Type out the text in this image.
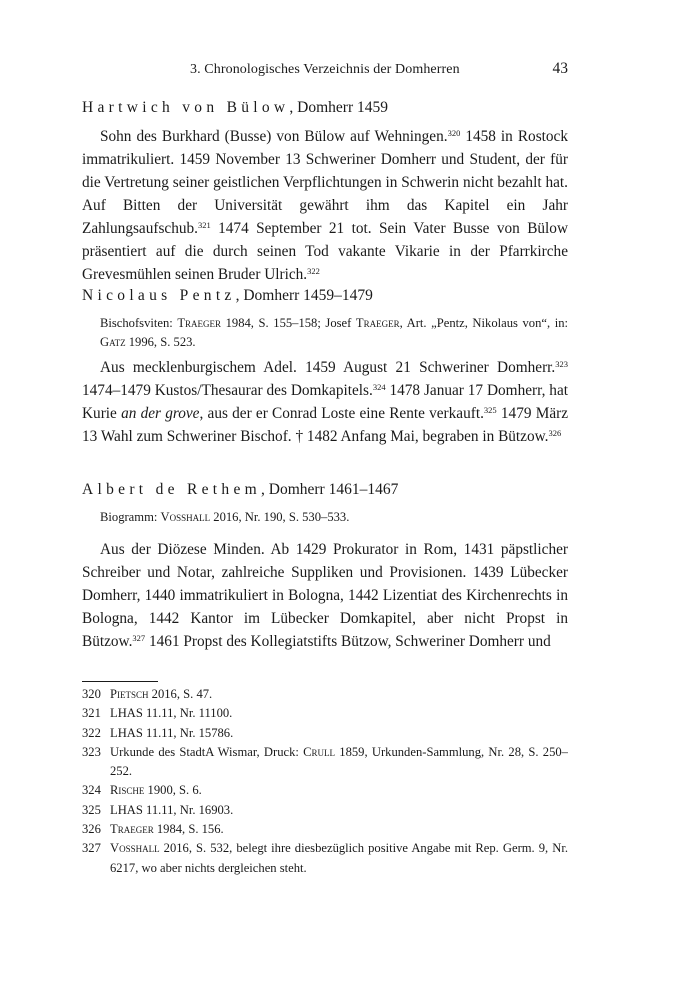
3. Chronologisches Verzeichnis der Domherren	43
Hartwich von Bülow, Domherr 1459

Sohn des Burkhard (Busse) von Bülow auf Wehningen.$^{320}$ 1458 in Rostock immatrikuliert. 1459 November 13 Schweriner Domherr und Student, der für die Vertretung seiner geistlichen Verpflichtungen in Schwerin nicht bezahlt hat. Auf Bitten der Universität gewährt ihm das Kapitel ein Jahr Zahlungsaufschub.$^{321}$ 1474 September 21 tot. Sein Vater Busse von Bülow präsentiert auf die durch seinen Tod vakante Vikarie in der Pfarrkirche Grevesmühlen seinen Bruder Ulrich.$^{322}$

Nicolaus Pentz, Domherr 1459–1479
Bischofsviten: Traeger 1984, S. 155–158; Josef Traeger, Art. „Pentz, Nikolaus von“, in: Gatz 1996, S. 523.

Aus mecklenburgischem Adel. 1459 August 21 Schweriner Domherr.$^{323}$ 1474–1479 Kustos/Thesaurar des Domkapitels.$^{324}$ 1478 Januar 17 Domherr, hat Kurie an der grove, aus der er Conrad Loste eine Rente verkauft.$^{325}$ 1479 März 13 Wahl zum Schweriner Bischof. † 1482 Anfang Mai, begraben in Bützow.$^{326}$

Albert de Rethem, Domherr 1461–1467
Biogramm: Vosshall 2016, Nr. 190, S. 530–533.

Aus der Diözese Minden. Ab 1429 Prokurator in Rom, 1431 päpstlicher Schreiber und Notar, zahlreiche Suppliken und Provisionen. 1439 Lübecker Domherr, 1440 immatrikuliert in Bologna, 1442 Lizentiat des Kirchenrechts in Bologna, 1442 Kantor im Lübecker Domkapitel, aber nicht Propst in Bützow.$^{327}$ 1461 Propst des Kollegiatstifts Bützow, Schweriner Domherr und

320 Pietsch 2016, S. 47.
321 LHAS 11.11, Nr. 11100.
322 LHAS 11.11, Nr. 15786.
323 Urkunde des StadtA Wismar, Druck: Crull 1859, Urkunden-Sammlung, Nr. 28, S. 250–252.
324 Rische 1900, S. 6.
325 LHAS 11.11, Nr. 16903.
326 Traeger 1984, S. 156.
327 Vosshall 2016, S. 532, belegt ihre diesbezüglich positive Angabe mit Rep. Germ. 9, Nr. 6217, wo aber nichts dergleichen steht.
